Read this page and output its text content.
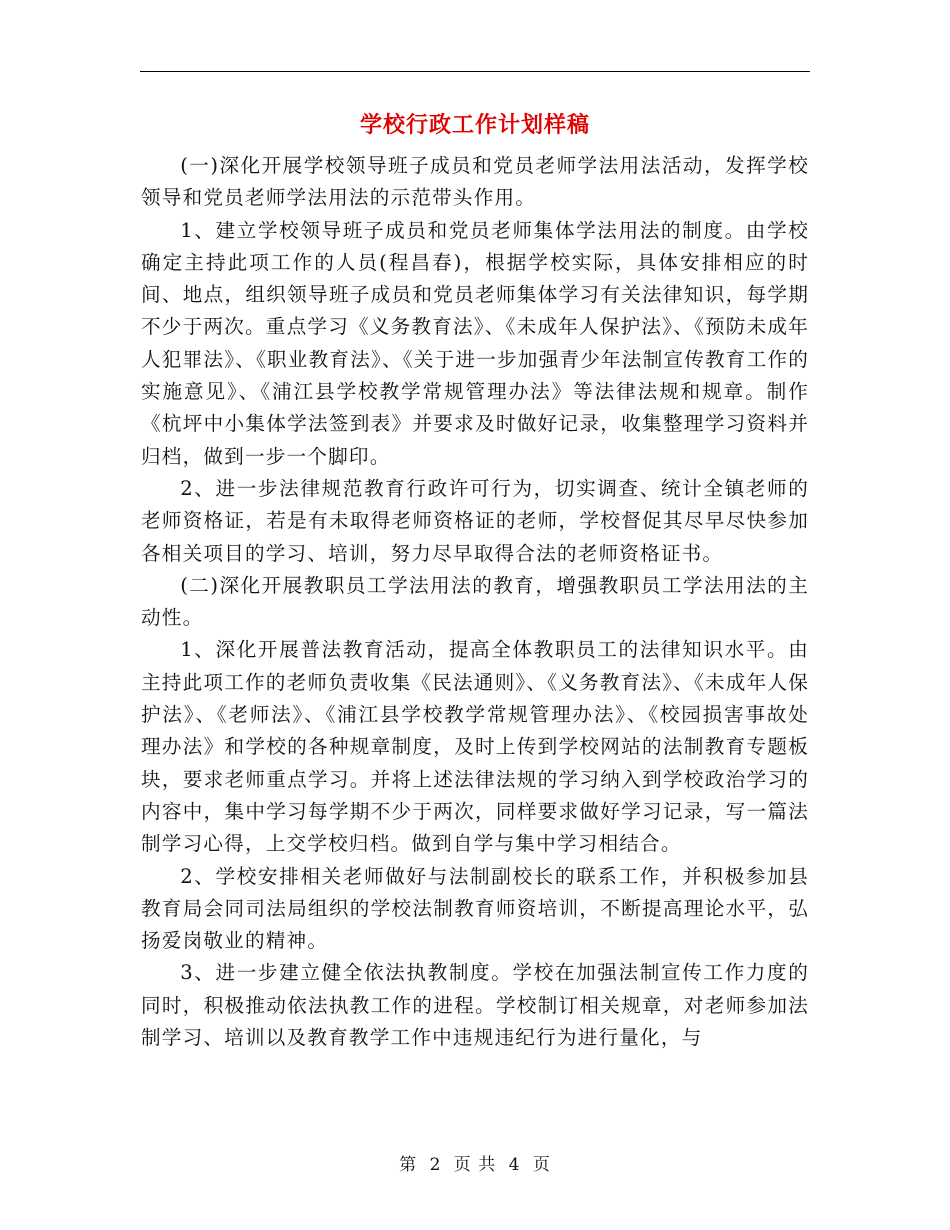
学校行政工作计划样稿

(一)深化开展学校领导班子成员和党员老师学法用法活动，发挥学校领导和党员老师学法用法的示范带头作用。

1、建立学校领导班子成员和党员老师集体学法用法的制度。由学校确定主持此项工作的人员(程昌春)，根据学校实际，具体安排相应的时间、地点，组织领导班子成员和党员老师集体学习有关法律知识，每学期不少于两次。重点学习《义务教育法》、《未成年人保护法》、《预防未成年人犯罪法》、《职业教育法》、《关于进一步加强青少年法制宣传教育工作的实施意见》、《浦江县学校教学常规管理办法》等法律法规和规章。制作《杭坪中小集体学法签到表》并要求及时做好记录，收集整理学习资料并归档，做到一步一个脚印。

2、进一步法律规范教育行政许可行为，切实调查、统计全镇老师的老师资格证，若是有未取得老师资格证的老师，学校督促其尽早尽快参加各相关项目的学习、培训，努力尽早取得合法的老师资格证书。

(二)深化开展教职员工学法用法的教育，增强教职员工学法用法的主动性。

1、深化开展普法教育活动，提高全体教职员工的法律知识水平。由主持此项工作的老师负责收集《民法通则》、《义务教育法》、《未成年人保护法》、《老师法》、《浦江县学校教学常规管理办法》、《校园损害事故处理办法》和学校的各种规章制度，及时上传到学校网站的法制教育专题板块，要求老师重点学习。并将上述法律法规的学习纳入到学校政治学习的内容中，集中学习每学期不少于两次，同样要求做好学习记录，写一篇法制学习心得，上交学校归档。做到自学与集中学习相结合。

2、学校安排相关老师做好与法制副校长的联系工作，并积极参加县教育局会同司法局组织的学校法制教育师资培训，不断提高理论水平，弘扬爱岗敬业的精神。

3、进一步建立健全依法执教制度。学校在加强法制宣传工作力度的同时，积极推动依法执教工作的进程。学校制订相关规章，对老师参加法制学习、培训以及教育教学工作中违规违纪行为进行量化，与

第 2 页 共 4 页
